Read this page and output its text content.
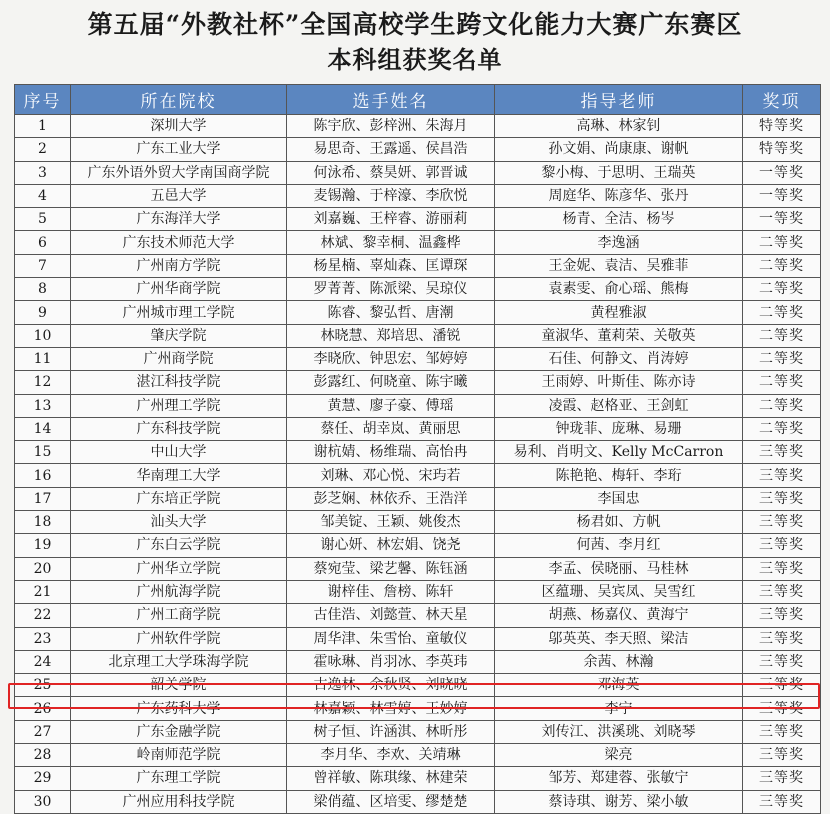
第五届“外教社杯”全国高校学生跨文化能力大赛广东赛区
本科组获奖名单
序号	所在院校	选手姓名	指导老师	奖项
1	深圳大学	陈宇欣、彭梓洲、朱海月	高琳、林家钊	特等奖
2	广东工业大学	易思奇、王露遥、侯昌浩	孙文娟、尚康康、谢帆	特等奖
3	广东外语外贸大学南国商学院	何泳希、蔡昊妍、郭晋诚	黎小梅、于思明、王瑞英	一等奖
4	五邑大学	麦锡瀚、于梓濠、李欣悦	周庭华、陈彦华、张丹	一等奖
5	广东海洋大学	刘嘉巍、王梓睿、游丽莉	杨青、全洁、杨岑	一等奖
6	广东技术师范大学	林斌、黎幸桐、温鑫桦	李逸涵	二等奖
7	广州南方学院	杨星楠、辜灿森、匡谭琛	王金妮、袁洁、吴雅菲	二等奖
8	广州华商学院	罗菁菁、陈派梁、吴琼仪	袁素雯、俞心瑶、熊梅	二等奖
9	广州城市理工学院	陈睿、黎弘哲、唐潮	黄程雅淑	二等奖
10	肇庆学院	林晓慧、郑培思、潘锐	童淑华、董莉荣、关敬英	二等奖
11	广州商学院	李晓欣、钟思宏、邹婷婷	石佳、何静文、肖涛婷	二等奖
12	湛江科技学院	彭露红、何晓童、陈宇曦	王雨婷、叶斯佳、陈亦诗	二等奖
13	广州理工学院	黄慧、廖子豪、傅瑶	凌霞、赵格亚、王剑虹	二等奖
14	广东科技学院	蔡任、胡幸岚、黄丽思	钟珑菲、庞琳、易珊	二等奖
15	中山大学	谢杭婧、杨维瑞、高怡冉	易利、肖明文、Kelly McCarron	三等奖
16	华南理工大学	刘琳、邓心悦、宋玙若	陈艳艳、梅轩、李珩	三等奖
17	广东培正学院	彭芝娴、林依乔、王浩洋	李国忠	三等奖
18	汕头大学	邹美锭、王颖、姚俊杰	杨君如、方帆	三等奖
19	广东白云学院	谢心妍、林宏娟、饶尧	何茜、李月红	三等奖
20	广州华立学院	蔡宛莹、梁艺馨、陈钰涵	李孟、侯晓丽、马桂林	三等奖
21	广州航海学院	谢梓佳、詹榜、陈轩	区蕴珊、吴宾凤、吴雪红	三等奖
22	广州工商学院	古佳浩、刘懿萱、林天星	胡燕、杨嘉仪、黄海宁	三等奖
23	广州软件学院	周华津、朱雪怡、童敏仪	邬英英、李天照、梁洁	三等奖
24	北京理工大学珠海学院	霍咏琳、肖羽冰、李英玮	余茜、林瀚	三等奖
25	韶关学院	古逸林、余秋贤、刘晓晓	邓海英	三等奖
26	广东药科大学	林嘉颖、林雪婷、王妙婷	李宁	三等奖
27	广东金融学院	树子恒、许涵淇、林昕彤	刘传江、洪溪珧、刘晓琴	三等奖
28	岭南师范学院	李月华、李欢、关靖琳	梁亮	三等奖
29	广东理工学院	曾祥敏、陈琪缘、林建荣	邹芳、郑建蓉、张敏宁	三等奖
30	广州应用科技学院	梁俏蕴、区培雯、缪楚楚	蔡诗琪、谢芳、梁小敏	三等奖
